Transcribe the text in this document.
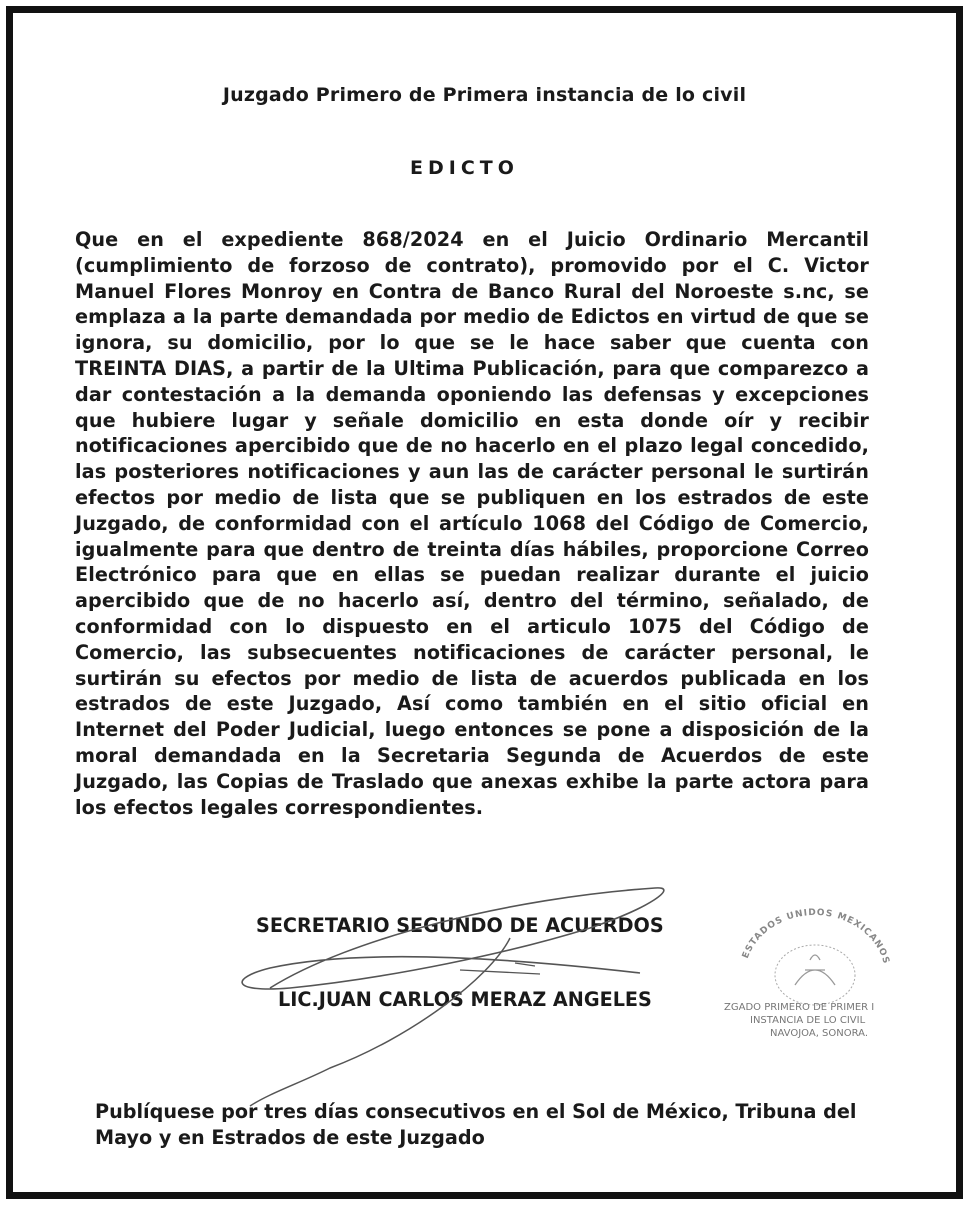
Juzgado Primero de Primera instancia de lo civil
EDICTO
Que en el expediente 868/2024 en el Juicio Ordinario Mercantil (cumplimiento de forzoso de contrato), promovido por el C. Victor Manuel Flores Monroy en Contra de Banco Rural del Noroeste s.nc, se emplaza a la parte demandada por medio de Edictos en virtud de que se ignora, su domicilio, por lo que se le hace saber que cuenta con TREINTA DIAS, a partir de la Ultima Publicación, para que comparezco a dar contestación a la demanda oponiendo las defensas y excepciones que hubiere lugar y señale domicilio en esta donde oír y recibir notificaciones apercibido que de no hacerlo en el plazo legal concedido, las posteriores notificaciones y aun las de carácter personal le surtirán efectos por medio de lista que se publiquen en los estrados de este Juzgado, de conformidad con el artículo 1068 del Código de Comercio, igualmente para que dentro de treinta días hábiles, proporcione Correo Electrónico para que en ellas se puedan realizar durante el juicio apercibido que de no hacerlo así, dentro del término, señalado, de conformidad con lo dispuesto en el articulo 1075 del Código de Comercio, las subsecuentes notificaciones de carácter personal, le surtirán su efectos por medio de lista de acuerdos publicada en los estrados de este Juzgado, Así como también en el sitio oficial en Internet del Poder Judicial, luego entonces se pone a disposición de la moral demandada en la Secretaria Segunda de Acuerdos de este Juzgado, las Copias de Traslado que anexas exhibe la parte actora para los efectos legales correspondientes.
SECRETARIO SEGUNDO DE ACUERDOS
LIC.JUAN CARLOS MERAZ ANGELES
ESTADOS UNIDOS MEXICANOS
ZGADO PRIMERO DE PRIMER I
INSTANCIA DE LO CIVIL
NAVOJOA, SONORA.
Publíquese por tres días consecutivos en el Sol de México, Tribuna del Mayo y en Estrados de este Juzgado
